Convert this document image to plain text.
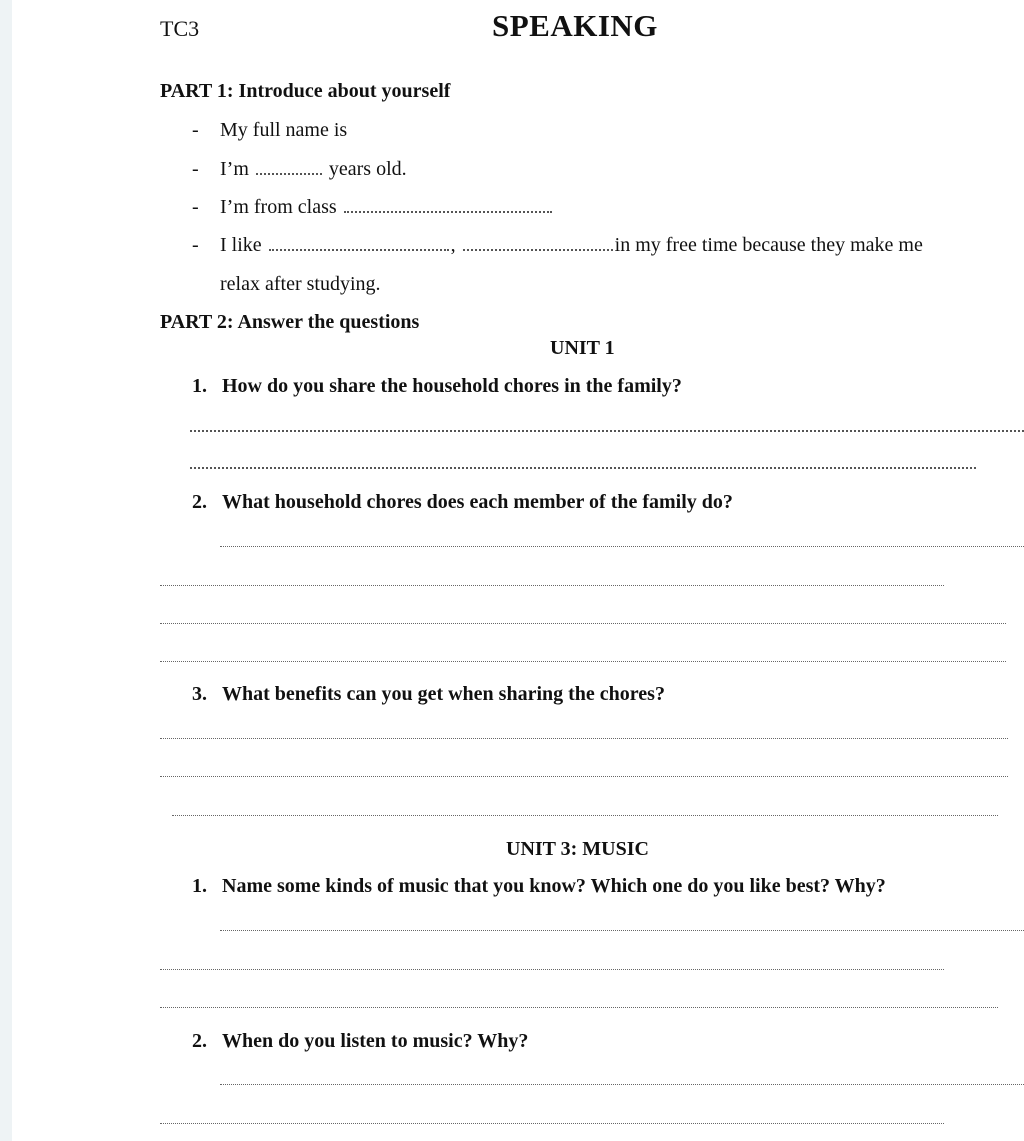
TC3	SPEAKING
PART 1: Introduce about yourself
- My full name is
- I’m	years old.
- I’m from class
- I like	,	in my free time because they make me
relax after studying.
PART 2: Answer the questions
UNIT 1
1. How do you share the household chores in the family?
2. What household chores does each member of the family do?
3. What benefits can you get when sharing the chores?
UNIT 3: MUSIC
1. Name some kinds of music that you know? Which one do you like best? Why?
2. When do you listen to music? Why?
